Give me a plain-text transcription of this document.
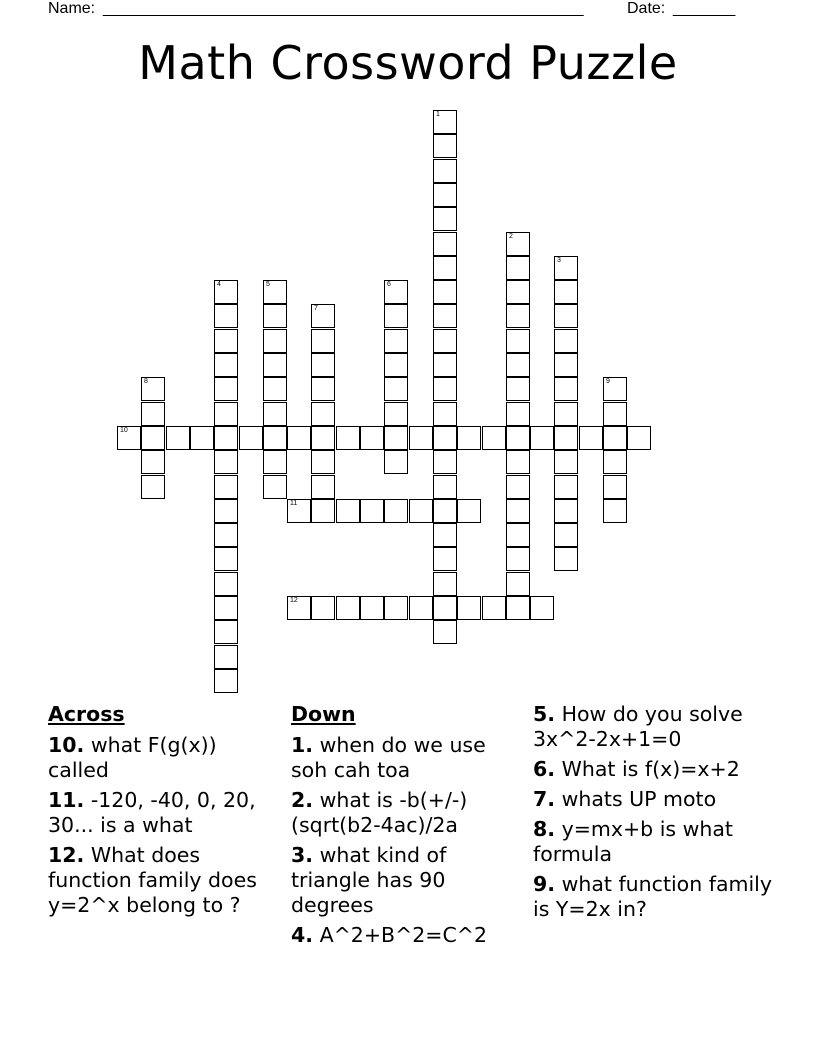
Name: ______________________________________________________	Date: _______
Math Crossword Puzzle
1
2
3
4	5	6
7
8	9
10
11
12
Across
10. what F(g(x)) called
11. -120, -40, 0, 20, 30... is a what
12. What does function family does y=2^x belong to ?
Down
1. when do we use soh cah toa
2. what is -b(+/-)(sqrt(b2-4ac)/2a
3. what kind of triangle has 90 degrees
4. A^2+B^2=C^2
5. How do you solve 3x^2-2x+1=0
6. What is f(x)=x+2
7. whats UP moto
8. y=mx+b is what formula
9. what function family is Y=2x in?
